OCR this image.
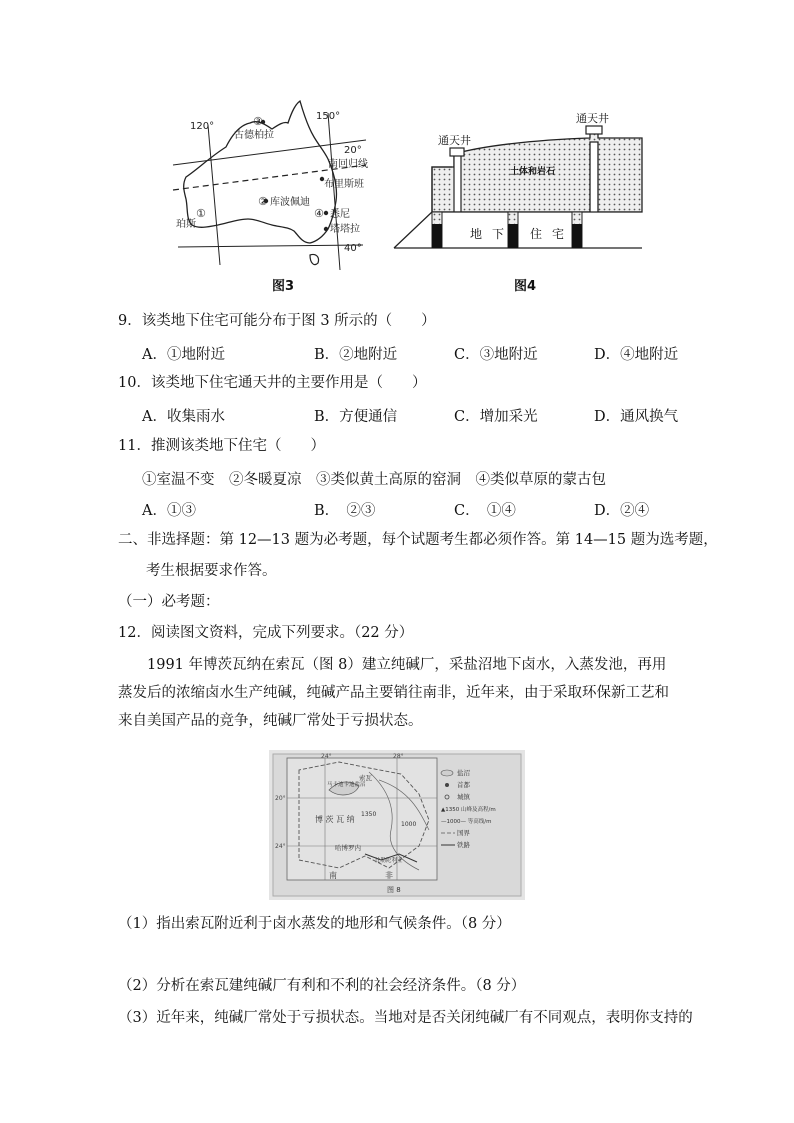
120°
150°
20°
40°
③
古德柏拉
南回归线
布里斯班
② 库波佩迪
悉尼
④
塔塔拉
①
珀斯
图3
通天井
通天井
土体和岩石
地 下 住 宅
图4
9．该类地下住宅可能分布于图 3 所示的（　　）
A．①地附近	B．②地附近	C．③地附近	D．④地附近
10．该类地下住宅通天井的主要作用是（　　）
A．收集雨水	B．方便通信	C．增加采光	D．通风换气
11．推测该类地下住宅（　　）
①室温不变　②冬暖夏凉　③类似黄土高原的窑洞　④类似草原的蒙古包
A．①③	B．　②③	C．　①④	D．②④
二、非选择题：第 12—13 题为必考题，每个试题考生都必须作答。第 14—15 题为选考题，
考生根据要求作答。
（一）必考题：
12．阅读图文资料，完成下列要求。（22 分）
1991 年博茨瓦纳在索瓦（图 8）建立纯碱厂，采盐沼地下卤水，入蒸发池，再用蒸发后的浓缩卤水生产纯碱，纯碱产品主要销往南非，近年来，由于采取环保新工艺和来自美国产品的竞争，纯碱厂常处于亏损状态。
24°	28°
20°
24°
马卡迪卡迪盐沼
索瓦
博 茨 瓦 纳
1350
1000
哈博罗内
比勒陀利亚
南	非
盐沼
首都
城镇
▲1350 山峰及高程/m
—1000— 等高线/m
国界
铁路
图 8
（1）指出索瓦附近利于卤水蒸发的地形和气候条件。（8 分）
（2）分析在索瓦建纯碱厂有利和不利的社会经济条件。（8 分）
（3）近年来，纯碱厂常处于亏损状态。当地对是否关闭纯碱厂有不同观点，表明你支持的
